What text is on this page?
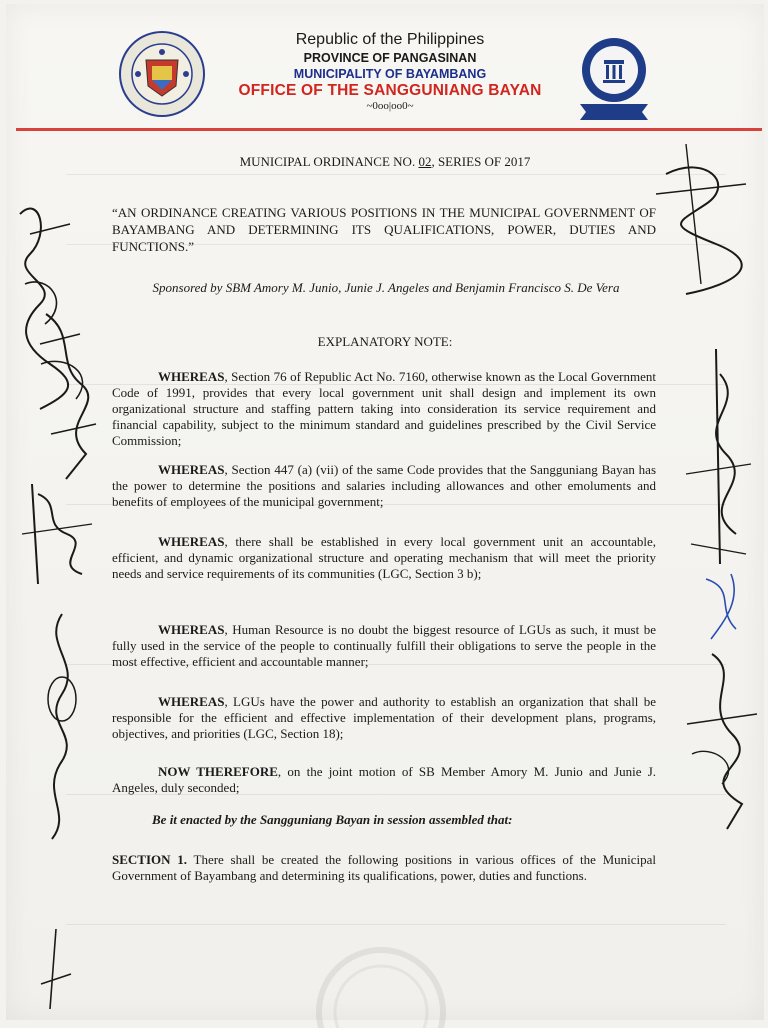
Republic of the Philippines
PROVINCE OF PANGASINAN
MUNICIPALITY OF BAYAMBANG
OFFICE OF THE SANGGUNIANG BAYAN
~0oo|oo0~
MUNICIPAL ORDINANCE NO. 02, SERIES OF 2017
“AN ORDINANCE CREATING VARIOUS POSITIONS IN THE MUNICIPAL GOVERNMENT OF BAYAMBANG AND DETERMINING ITS QUALIFICATIONS, POWER, DUTIES AND FUNCTIONS.”
Sponsored by SBM Amory M. Junio, Junie J. Angeles and Benjamin Francisco S. De Vera
EXPLANATORY NOTE:
WHEREAS, Section 76 of Republic Act No. 7160, otherwise known as the Local Government Code of 1991, provides that every local government unit shall design and implement its own organizational structure and staffing pattern taking into consideration its service requirement and financial capability, subject to the minimum standard and guidelines prescribed by the Civil Service Commission;
WHEREAS, Section 447 (a) (vii) of the same Code provides that the Sangguniang Bayan has the power to determine the positions and salaries including allowances and other emoluments and benefits of employees of the municipal government;
WHEREAS, there shall be established in every local government unit an accountable, efficient, and dynamic organizational structure and operating mechanism that will meet the priority needs and service requirements of its communities (LGC, Section 3 b);
WHEREAS, Human Resource is no doubt the biggest resource of LGUs as such, it must be fully used in the service of the people to continually fulfill their obligations to serve the people in the most effective, efficient and accountable manner;
WHEREAS, LGUs have the power and authority to establish an organization that shall be responsible for the efficient and effective implementation of their development plans, programs, objectives, and priorities (LGC, Section 18);
NOW THEREFORE, on the joint motion of SB Member Amory M. Junio and Junie J. Angeles, duly seconded;
Be it enacted by the Sangguniang Bayan in session assembled that:
SECTION 1. There shall be created the following positions in various offices of the Municipal Government of Bayambang and determining its qualifications, power, duties and functions.
